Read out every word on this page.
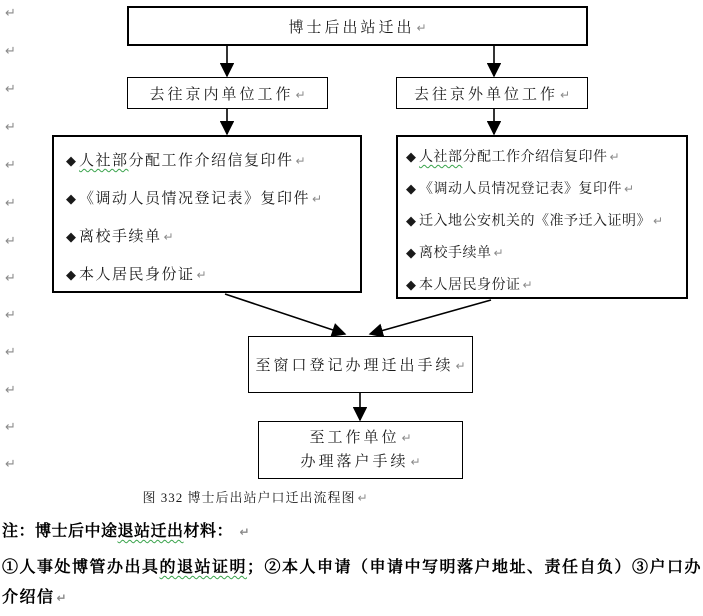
↵
↵
↵
↵
↵
↵
↵
↵
↵
↵
↵
↵
↵
博士后出站迁出 ↵
去往京内单位工作 ↵	去往京外单位工作 ↵
◆ 人社部分配工作介绍信复印件 ↵
◆ 《调动人员情况登记表》复印件 ↵
◆ 离校手续单 ↵
◆ 本人居民身份证 ↵
◆ 人社部分配工作介绍信复印件 ↵
◆ 《调动人员情况登记表》复印件 ↵
◆ 迁入地公安机关的《准予迁入证明》 ↵
◆ 离校手续单 ↵
◆ 本人居民身份证 ↵
至窗口登记办理迁出手续 ↵
至工作单位 ↵
办理落户手续 ↵
图 332 博士后出站户口迁出流程图 ↵
注：博士后中途退站迁出材料： ↵
①人事处博管办出具的退站证明；②本人申请（申请中写明落户地址、责任自负）③户口办
介绍信 ↵
